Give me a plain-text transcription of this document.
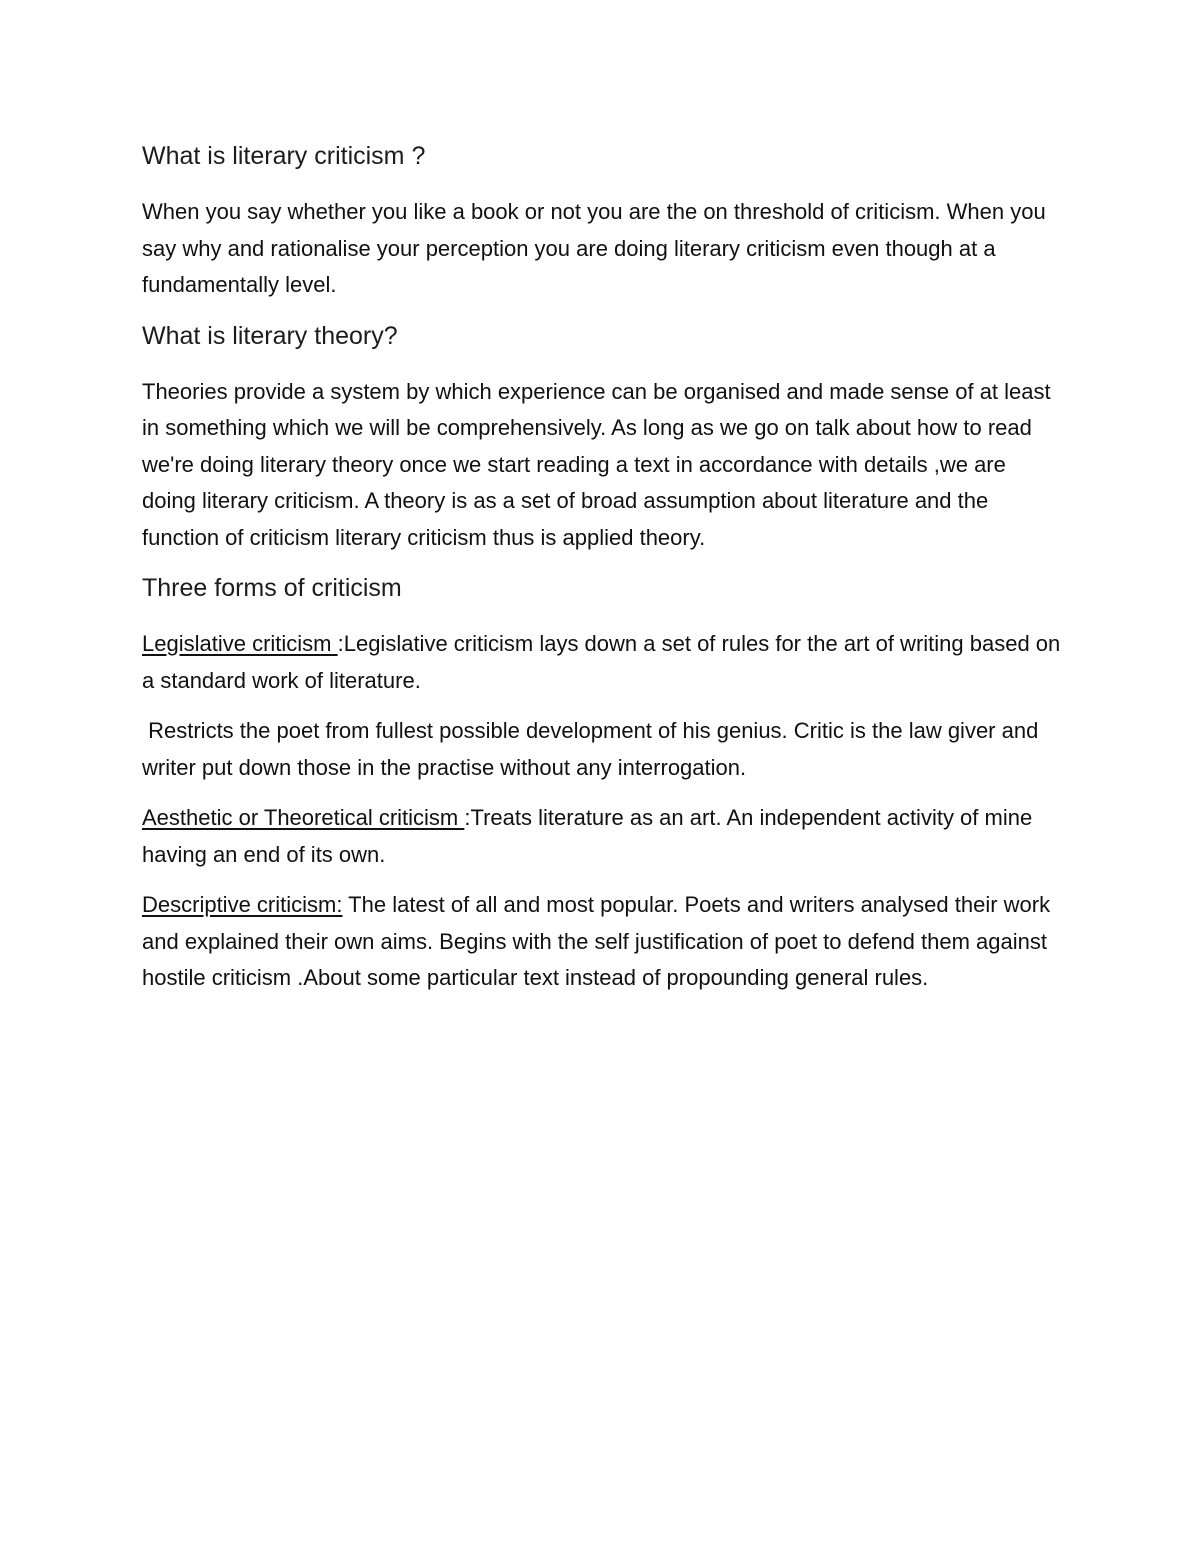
What is literary criticism ?

When you say whether you like a book or not you are the on threshold of criticism. When you say why and rationalise your perception you are doing literary criticism even though at a fundamentally level.

What is literary theory?

Theories provide a system by which experience can be organised and made sense of at least in something which we will be comprehensively. As long as we go on talk about how to read we're doing literary theory once we start reading a text in accordance with details ,we are doing literary criticism. A theory is as a set of broad assumption about literature and the function of criticism literary criticism thus is applied theory.

Three forms of criticism

Legislative criticism :Legislative criticism lays down a set of rules for the art of writing based on a standard work of literature.

Restricts the poet from fullest possible development of his genius. Critic is the law giver and writer put down those in the practise without any interrogation.

Aesthetic or Theoretical criticism :Treats literature as an art. An independent activity of mine having an end of its own.

Descriptive criticism: The latest of all and most popular. Poets and writers analysed their work and explained their own aims. Begins with the self justification of poet to defend them against hostile criticism .About some particular text instead of propounding general rules.
